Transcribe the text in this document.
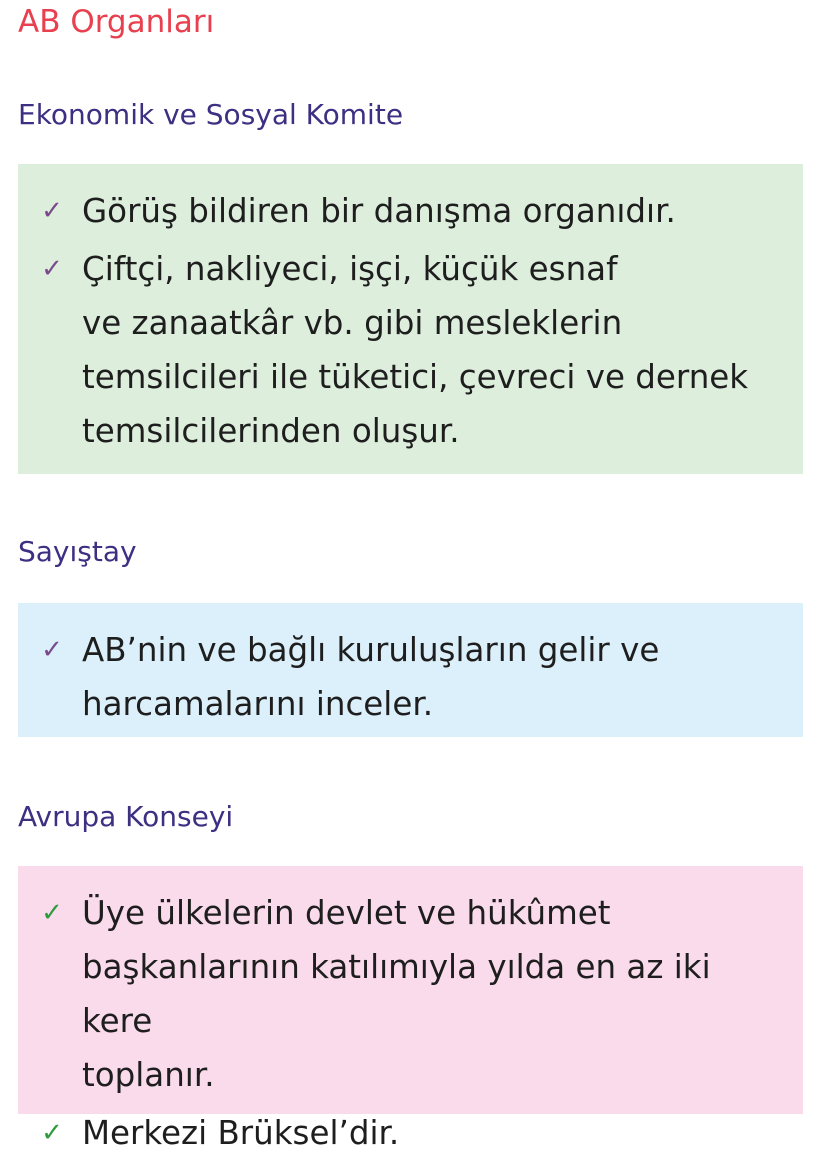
AB Organları
Ekonomik ve Sosyal Komite
✓ Görüş bildiren bir danışma organıdır.
✓ Çiftçi, nakliyeci, işçi, küçük esnaf
ve zanaatkâr vb. gibi mesleklerin
temsilcileri ile tüketici, çevreci ve dernek
temsilcilerinden oluşur.
Sayıştay
✓ AB’nin ve bağlı kuruluşların gelir ve
harcamalarını inceler.
Avrupa Konseyi
✓ Üye ülkelerin devlet ve hükûmet
başkanlarının katılımıyla yılda en az iki kere
toplanır.
✓ Merkezi Brüksel’dir.
